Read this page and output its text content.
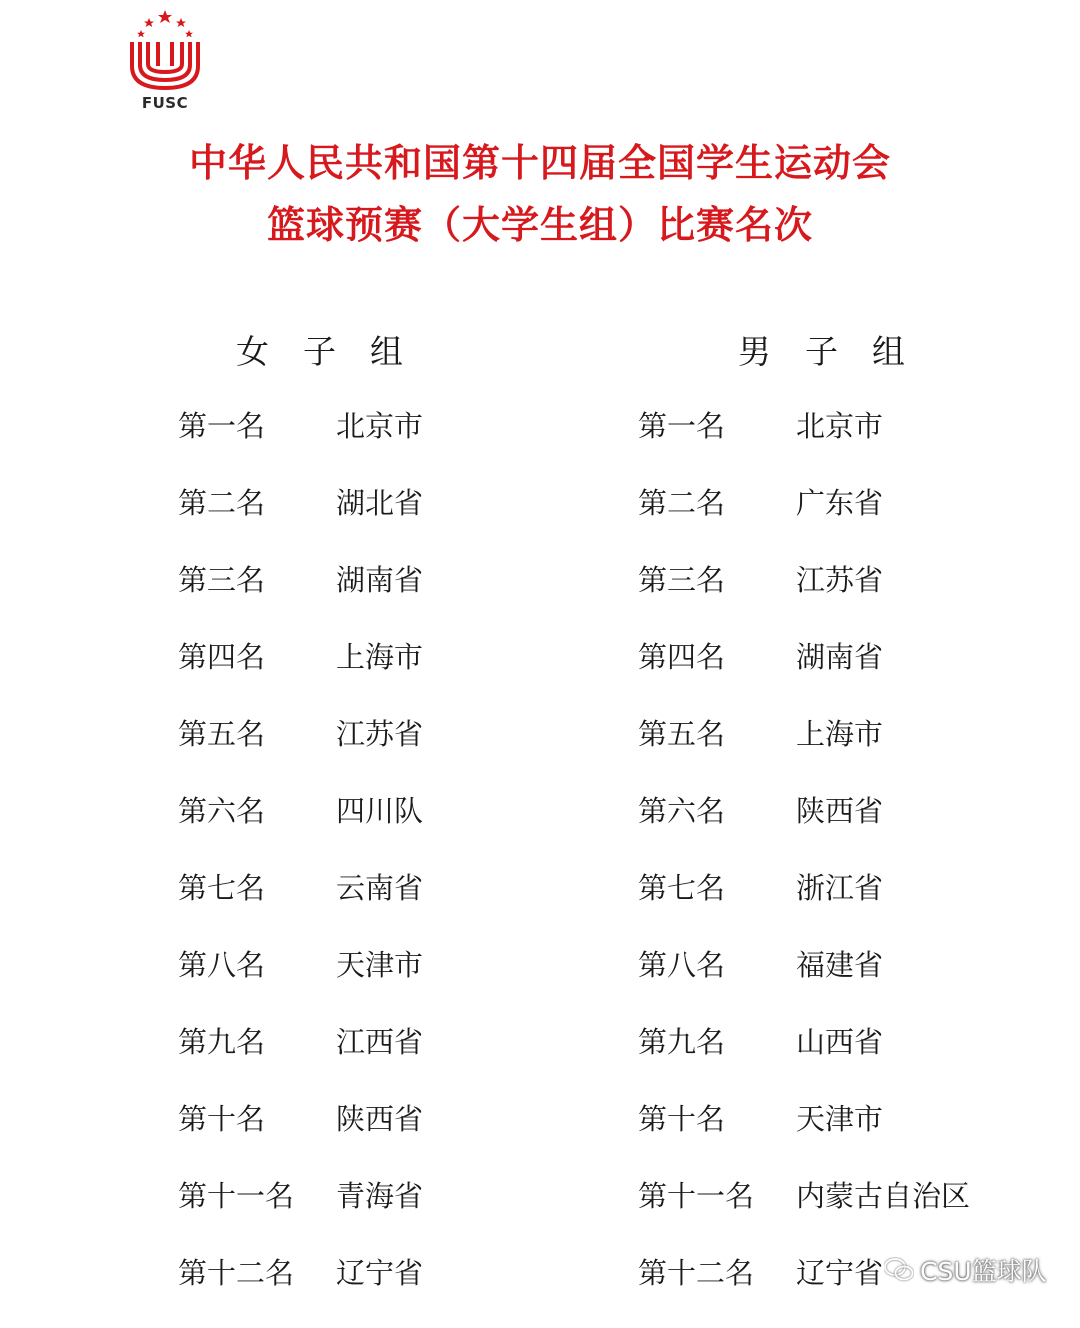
FUSC
中华人民共和国第十四届全国学生运动会
篮球预赛（大学生组）比赛名次
女子组	男子组
第一名 北京市
第二名 湖北省
第三名 湖南省
第四名 上海市
第五名 江苏省
第六名 四川队
第七名 云南省
第八名 天津市
第九名 江西省
第十名 陕西省
第十一名 青海省
第十二名 辽宁省
第一名 北京市
第二名 广东省
第三名 江苏省
第四名 湖南省
第五名 上海市
第六名 陕西省
第七名 浙江省
第八名 福建省
第九名 山西省
第十名 天津市
第十一名 内蒙古自治区
第十二名 辽宁省 CSU篮球队
